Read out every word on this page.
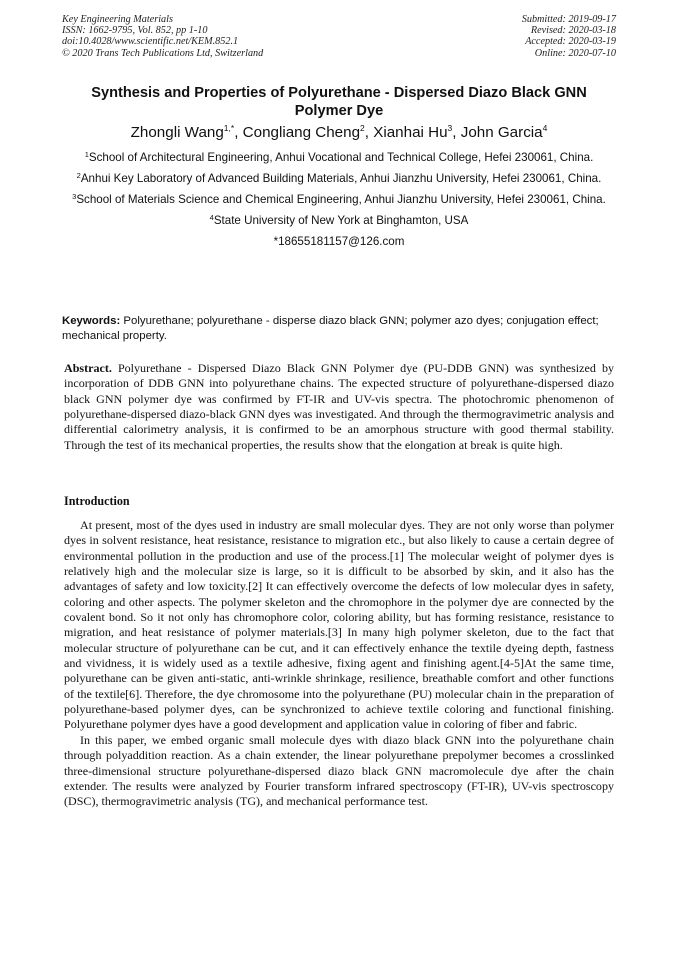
Key Engineering Materials
ISSN: 1662-9795, Vol. 852, pp 1-10
doi:10.4028/www.scientific.net/KEM.852.1
© 2020 Trans Tech Publications Ltd, Switzerland
Submitted: 2019-09-17
Revised: 2020-03-18
Accepted: 2020-03-19
Online: 2020-07-10
Synthesis and Properties of Polyurethane - Dispersed Diazo Black GNN Polymer Dye
Zhongli Wang$^{1,*}$, Congliang Cheng$^2$, Xianhai Hu$^3$, John Garcia$^4$
$^1$School of Architectural Engineering, Anhui Vocational and Technical College, Hefei 230061, China.
$^2$Anhui Key Laboratory of Advanced Building Materials, Anhui Jianzhu University, Hefei 230061, China.
$^3$School of Materials Science and Chemical Engineering, Anhui Jianzhu University, Hefei 230061, China.
$^4$State University of New York at Binghamton, USA
*18655181157@126.com
Keywords: Polyurethane; polyurethane - disperse diazo black GNN; polymer azo dyes; conjugation effect; mechanical property.
Abstract. Polyurethane - Dispersed Diazo Black GNN Polymer dye (PU-DDB GNN) was synthesized by incorporation of DDB GNN into polyurethane chains. The expected structure of polyurethane-dispersed diazo black GNN polymer dye was confirmed by FT-IR and UV-vis spectra. The photochromic phenomenon of polyurethane-dispersed diazo-black GNN dyes was investigated. And through the thermogravimetric analysis and differential calorimetry analysis, it is confirmed to be an amorphous structure with good thermal stability. Through the test of its mechanical properties, the results show that the elongation at break is quite high.
Introduction

At present, most of the dyes used in industry are small molecular dyes. They are not only worse than polymer dyes in solvent resistance, heat resistance, resistance to migration etc., but also likely to cause a certain degree of environmental pollution in the production and use of the process.[1] The molecular weight of polymer dyes is relatively high and the molecular size is large, so it is difficult to be absorbed by skin, and it also has the advantages of safety and low toxicity.[2] It can effectively overcome the defects of low molecular dyes in safety, coloring and other aspects. The polymer skeleton and the chromophore in the polymer dye are connected by the covalent bond. So it not only has chromophore color, coloring ability, but has forming resistance, resistance to migration, and heat resistance of polymer materials.[3] In many high polymer skeleton, due to the fact that molecular structure of polyurethane can be cut, and it can effectively enhance the textile dyeing depth, fastness and vividness, it is widely used as a textile adhesive, fixing agent and finishing agent.[4-5]At the same time, polyurethane can be given anti-static, anti-wrinkle shrinkage, resilience, breathable comfort and other functions of the textile[6]. Therefore, the dye chromosome into the polyurethane (PU) molecular chain in the preparation of polyurethane-based polymer dyes, can be synchronized to achieve textile coloring and functional finishing. Polyurethane polymer dyes have a good development and application value in coloring of fiber and fabric.

In this paper, we embed organic small molecule dyes with diazo black GNN into the polyurethane chain through polyaddition reaction. As a chain extender, the linear polyurethane prepolymer becomes a crosslinked three-dimensional structure polyurethane-dispersed diazo black GNN macromolecule dye after the chain extender. The results were analyzed by Fourier transform infrared spectroscopy (FT-IR), UV-vis spectroscopy (DSC), thermogravimetric analysis (TG), and mechanical performance test.
